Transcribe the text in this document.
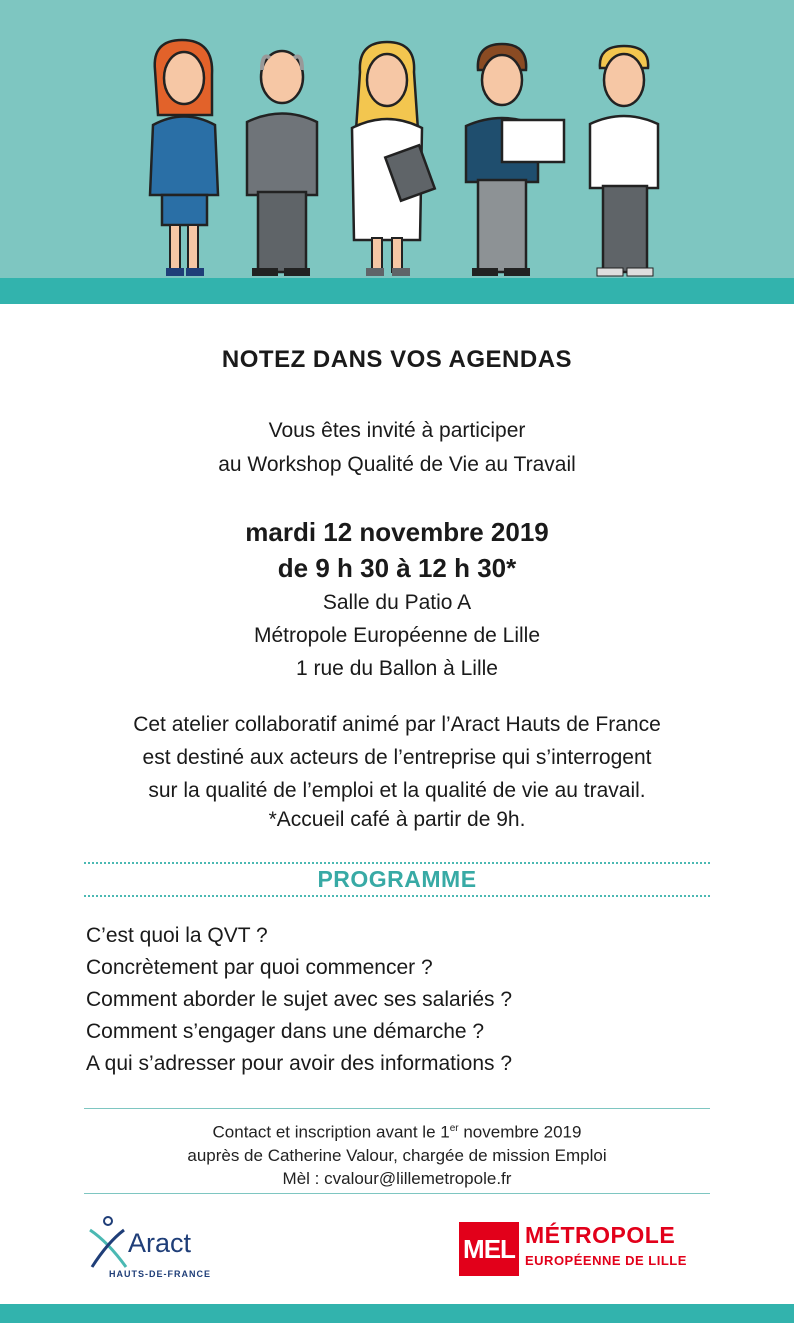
NOTEZ DANS VOS AGENDAS
Vous êtes invité à participer
au Workshop Qualité de Vie au Travail
mardi 12 novembre 2019
de 9 h 30 à 12 h 30*
Salle du Patio A
Métropole Européenne de Lille
1 rue du Ballon à Lille
Cet atelier collaboratif animé par l’Aract Hauts de France
est destiné aux acteurs de l’entreprise qui s’interrogent
sur la qualité de l’emploi et la qualité de vie au travail.
*Accueil café à partir de 9h.
PROGRAMME
C’est quoi la QVT ?
Concrètement par quoi commencer ?
Comment aborder le sujet avec ses salariés ?
Comment s’engager dans une démarche ?
A qui s’adresser pour avoir des informations ?
Contact et inscription avant le 1er novembre 2019
auprès de Catherine Valour, chargée de mission Emploi
Mèl : cvalour@lillemetropole.fr
Aract
HAUTS-DE-FRANCE
MEL MÉTROPOLE
EUROPÉENNE DE LILLE
